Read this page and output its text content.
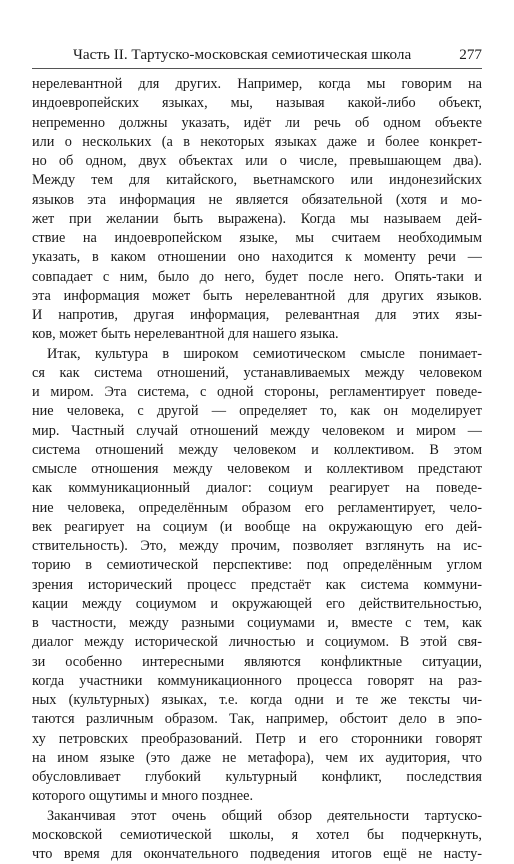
Часть II. Тартуско-московская семиотическая школа	277
нерелевантной для других. Например, когда мы говорим на
индоевропейских языках, мы, называя какой-либо объект,
непременно должны указать, идёт ли речь об одном объекте
или о нескольких (а в некоторых языках даже и более конкрет-
но об одном, двух объектах или о числе, превышающем два).
Между тем для китайского, вьетнамского или индонезийских
языков эта информация не является обязательной (хотя и мо-
жет при желании быть выражена). Когда мы называем дей-
ствие на индоевропейском языке, мы считаем необходимым
указать, в каком отношении оно находится к моменту речи —
совпадает с ним, было до него, будет после него. Опять-таки и
эта информация может быть нерелевантной для других языков.
И напротив, другая информация, релевантная для этих язы-
ков, может быть нерелевантной для нашего языка.
Итак, культура в широком семиотическом смысле понимает-
ся как система отношений, устанавливаемых между человеком
и миром. Эта система, с одной стороны, регламентирует поведе-
ние человека, с другой — определяет то, как он моделирует
мир. Частный случай отношений между человеком и миром —
система отношений между человеком и коллективом. В этом
смысле отношения между человеком и коллективом предстают
как коммуникационный диалог: социум реагирует на поведе-
ние человека, определённым образом его регламентирует, чело-
век реагирует на социум (и вообще на окружающую его дей-
ствительность). Это, между прочим, позволяет взглянуть на ис-
торию в семиотической перспективе: под определённым углом
зрения исторический процесс предстаёт как система коммуни-
кации между социумом и окружающей его действительностью,
в частности, между разными социумами и, вместе с тем, как
диалог между исторической личностью и социумом. В этой свя-
зи особенно интересными являются конфликтные ситуации,
когда участники коммуникационного процесса говорят на раз-
ных (культурных) языках, т.е. когда одни и те же тексты чи-
таются различным образом. Так, например, обстоит дело в эпо-
ху петровских преобразований. Петр и его сторонники говорят
на ином языке (это даже не метафора), чем их аудитория, что
обусловливает глубокий культурный конфликт, последствия
которого ощутимы и много позднее.
Заканчивая этот очень общий обзор деятельности тартуско-
московской семиотической школы, я хотел бы подчеркнуть,
что время для окончательного подведения итогов ещё не насту-
